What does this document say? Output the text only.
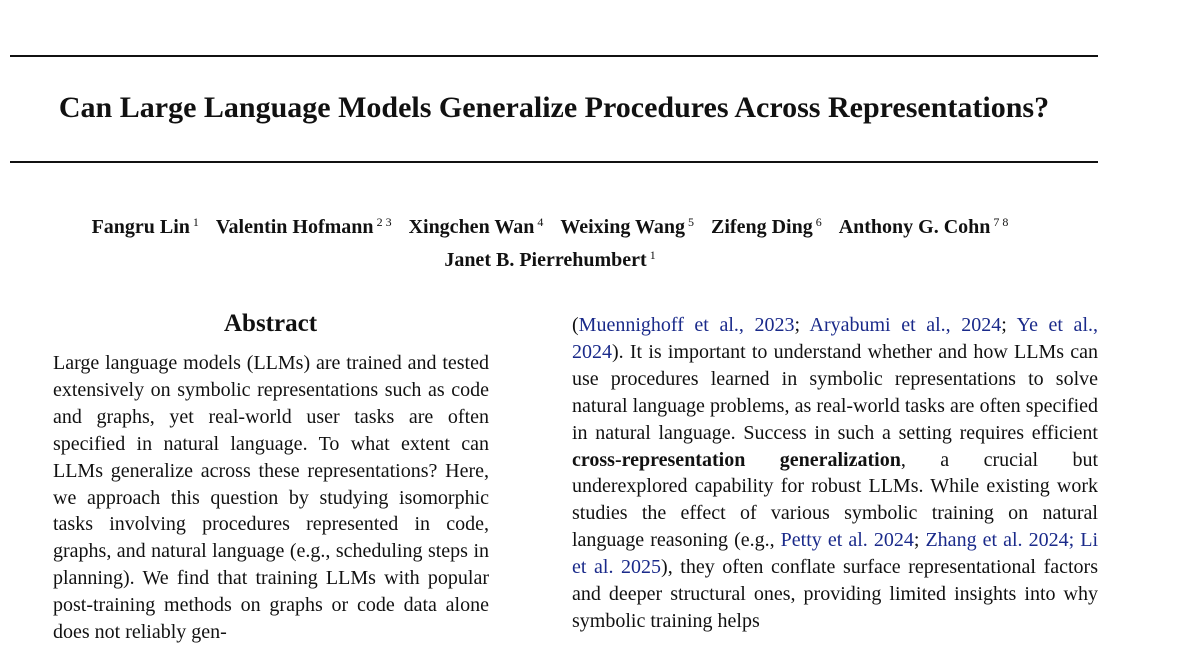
Can Large Language Models Generalize Procedures Across Representations?
Fangru Lin $^1$ Valentin Hofmann $^{2 3}$ Xingchen Wan $^4$ Weixing Wang $^5$ Zifeng Ding $^6$ Anthony G. Cohn $^{7 8}$
Janet B. Pierrehumbert $^1$
Abstract
Large language models (LLMs) are trained and tested extensively on symbolic representations such as code and graphs, yet real-world user tasks are often specified in natural language. To what extent can LLMs generalize across these representations? Here, we approach this question by studying isomorphic tasks involving procedures represented in code, graphs, and natural language (e.g., scheduling steps in planning). We find that training LLMs with popular post-training methods on graphs or code data alone does not reliably gen-
(Muennighoff et al., 2023; Aryabumi et al., 2024; Ye et al., 2024). It is important to understand whether and how LLMs can use procedures learned in symbolic representations to solve natural language problems, as real-world tasks are often specified in natural language. Success in such a setting requires efficient cross-representation generalization, a crucial but underexplored capability for robust LLMs. While existing work studies the effect of various symbolic training on natural language reasoning (e.g., Petty et al. 2024; Zhang et al. 2024; Li et al. 2025), they often conflate surface representational factors and deeper structural ones, providing limited insights into why symbolic training helps
